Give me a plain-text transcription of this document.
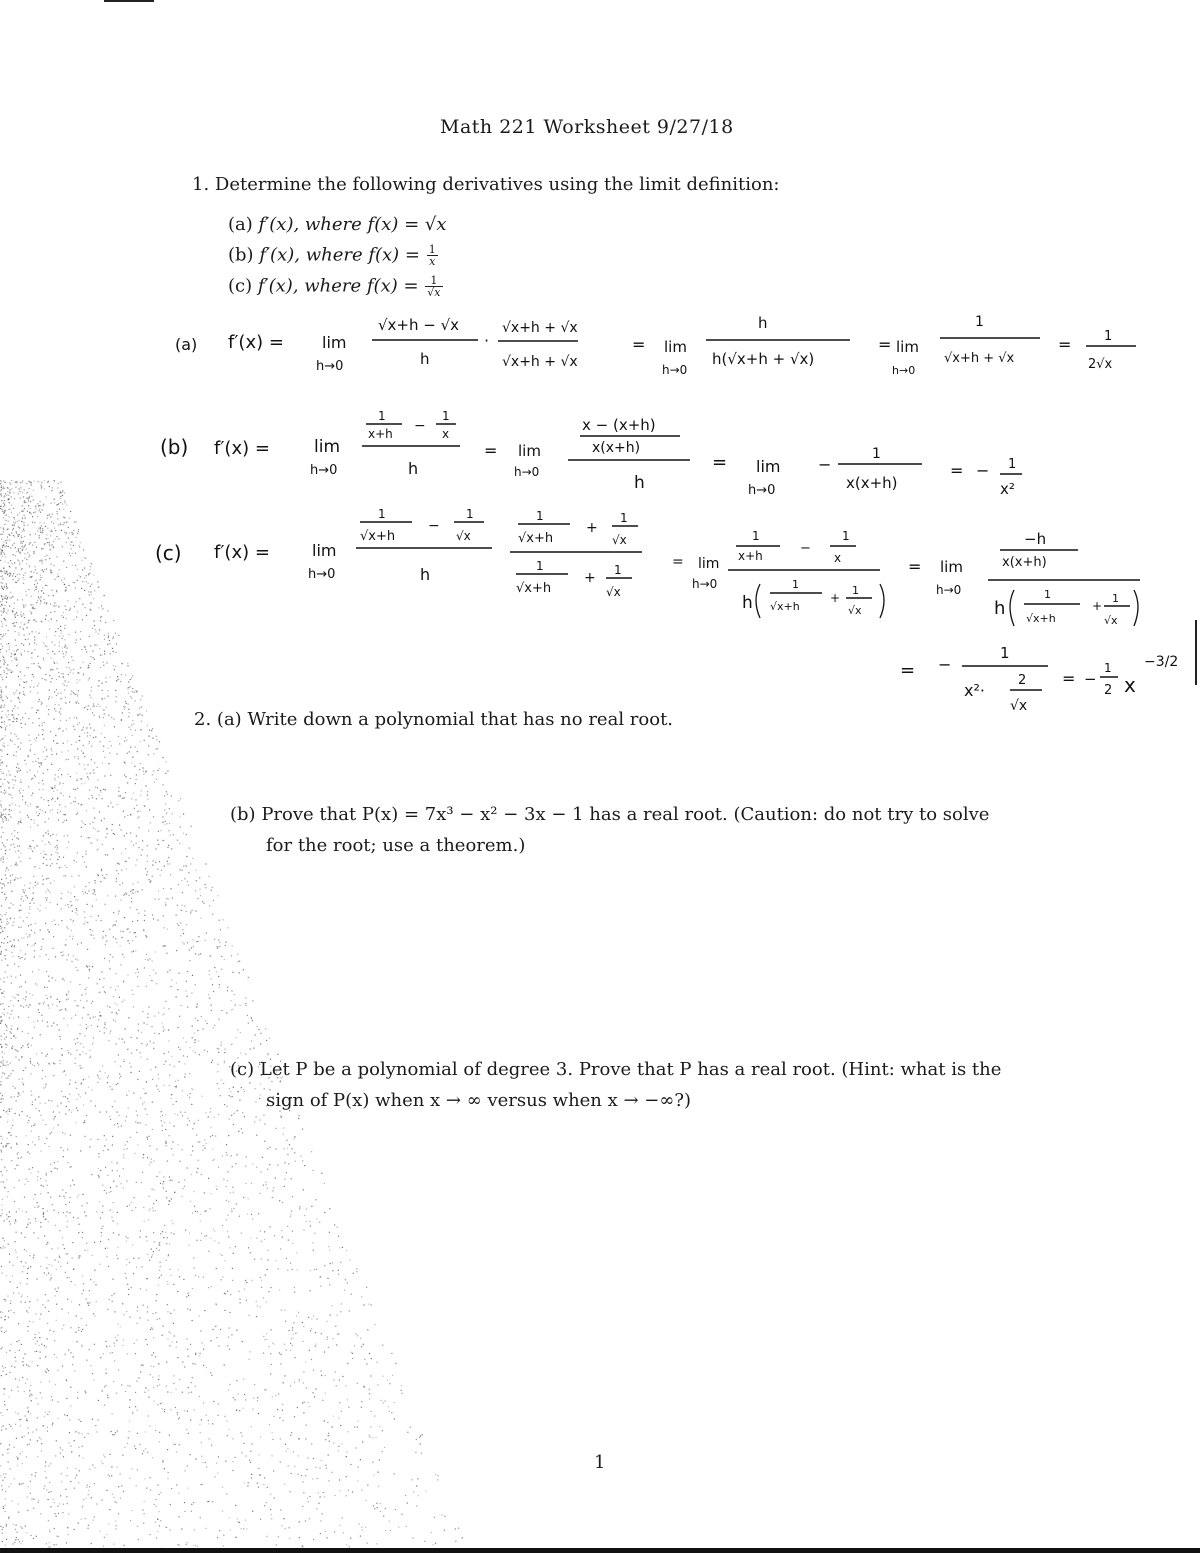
Math 221 Worksheet 9/27/18
1. Determine the following derivatives using the limit definition:
(a) f′(x), where f(x) = √x
(b) f′(x), where $f(x) = \frac{1}{x}$
(c) f′(x), where $f(x) = \frac{1}{√x}$
(a) f′(x) = lim
h→0
√x+h − √x
h
·
√x+h + √x
√x+h + √x
= lim
h→0
h
h(√x+h + √x)
= lim
h→0
1
√x+h + √x
=	1
2√x
(b) f′(x) =	lim
h→0
1
x+h −
1
x
h
= lim
h→0
x − (x+h)
x(x+h)
h
= lim
h→0
−
1
x(x+h)
= − 1
x²
(c) f′(x) =	lim
h→0
1
√x+h
−
1
√x
h
1
√x+h
+
1
√x
1
√x+h
+ 1
√x
= lim
h→0
1
x+h	−
1
x
h
1
√x+h
+
1
√x
= lim
h→0
−h
x(x+h)
h
1
√x+h
+
1
√x
= −
1
x²·
2
√x
= −
1
2 x
−3/2
2. (a) Write down a polynomial that has no real root.
(b) Prove that P(x) = 7x³ − x² − 3x − 1 has a real root. (Caution: do not try to solve
for the root; use a theorem.)
(c) Let P be a polynomial of degree 3. Prove that P has a real root. (Hint: what is the
sign of P(x) when x → ∞ versus when x → −∞?)
1
